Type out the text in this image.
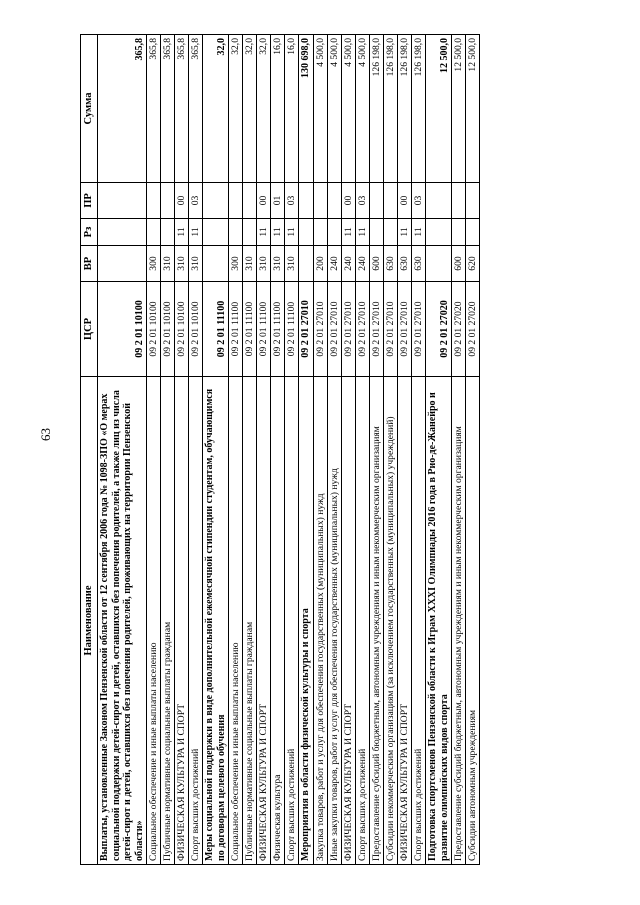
63
Наименование	ЦСР	ВР	Рз	ПР	Сумма
Выплаты, установленные Законом Пензенской области от 12 сентября 2006 года № 1098-ЗПО «О мерах социальной поддержки детей-сирот и детей, оставшихся без попечения родителей, а также лиц из числа детей-сирот и детей, оставшихся без попечения родителей, проживающих на территории Пензенской области»	09 2 01 10100				365,8
Социальное обеспечение и иные выплаты населению	09 2 01 10100	300			365,8
Публичные нормативные социальные выплаты гражданам	09 2 01 10100	310			365,8
ФИЗИЧЕСКАЯ КУЛЬТУРА И СПОРТ	09 2 01 10100	310	11	00	365,8
Спорт высших достижений	09 2 01 10100	310	11	03	365,8
Меры социальной поддержки в виде дополнительной ежемесячной стипендии студентам, обучающимся по договорам целевого обучения	09 2 01 11100				32,0
Социальное обеспечение и иные выплаты населению	09 2 01 11100	300			32,0
Публичные нормативные социальные выплаты гражданам	09 2 01 11100	310			32,0
ФИЗИЧЕСКАЯ КУЛЬТУРА И СПОРТ	09 2 01 11100	310	11	00	32,0
Физическая культура	09 2 01 11100	310	11	01	16,0
Спорт высших достижений	09 2 01 11100	310	11	03	16,0
Мероприятия в области физической культуры и спорта	09 2 01 27010				130 698,0
Закупка товаров, работ и услуг для обеспечения государственных (муниципальных) нужд	09 2 01 27010	200			4 500,0
Иные закупки товаров, работ и услуг для обеспечения государственных (муниципальных) нужд	09 2 01 27010	240			4 500,0
ФИЗИЧЕСКАЯ КУЛЬТУРА И СПОРТ	09 2 01 27010	240	11	00	4 500,0
Спорт высших достижений	09 2 01 27010	240	11	03	4 500,0
Предоставление субсидий бюджетным, автономным учреждениям и иным некоммерческим организациям	09 2 01 27010	600			126 198,0
Субсидии некоммерческим организациям (за исключением государственных (муниципальных) учреждений)	09 2 01 27010	630			126 198,0
ФИЗИЧЕСКАЯ КУЛЬТУРА И СПОРТ	09 2 01 27010	630	11	00	126 198,0
Спорт высших достижений	09 2 01 27010	630	11	03	126 198,0
Подготовка спортсменов Пензенской области к Играм XXXI Олимпиады 2016 года в Рио-де-Жанейро и развитие олимпийских видов спорта	09 2 01 27020				12 500,0
Предоставление субсидий бюджетным, автономным учреждениям и иным некоммерческим организациям	09 2 01 27020	600			12 500,0
Субсидии автономным учреждениям	09 2 01 27020	620			12 500,0
